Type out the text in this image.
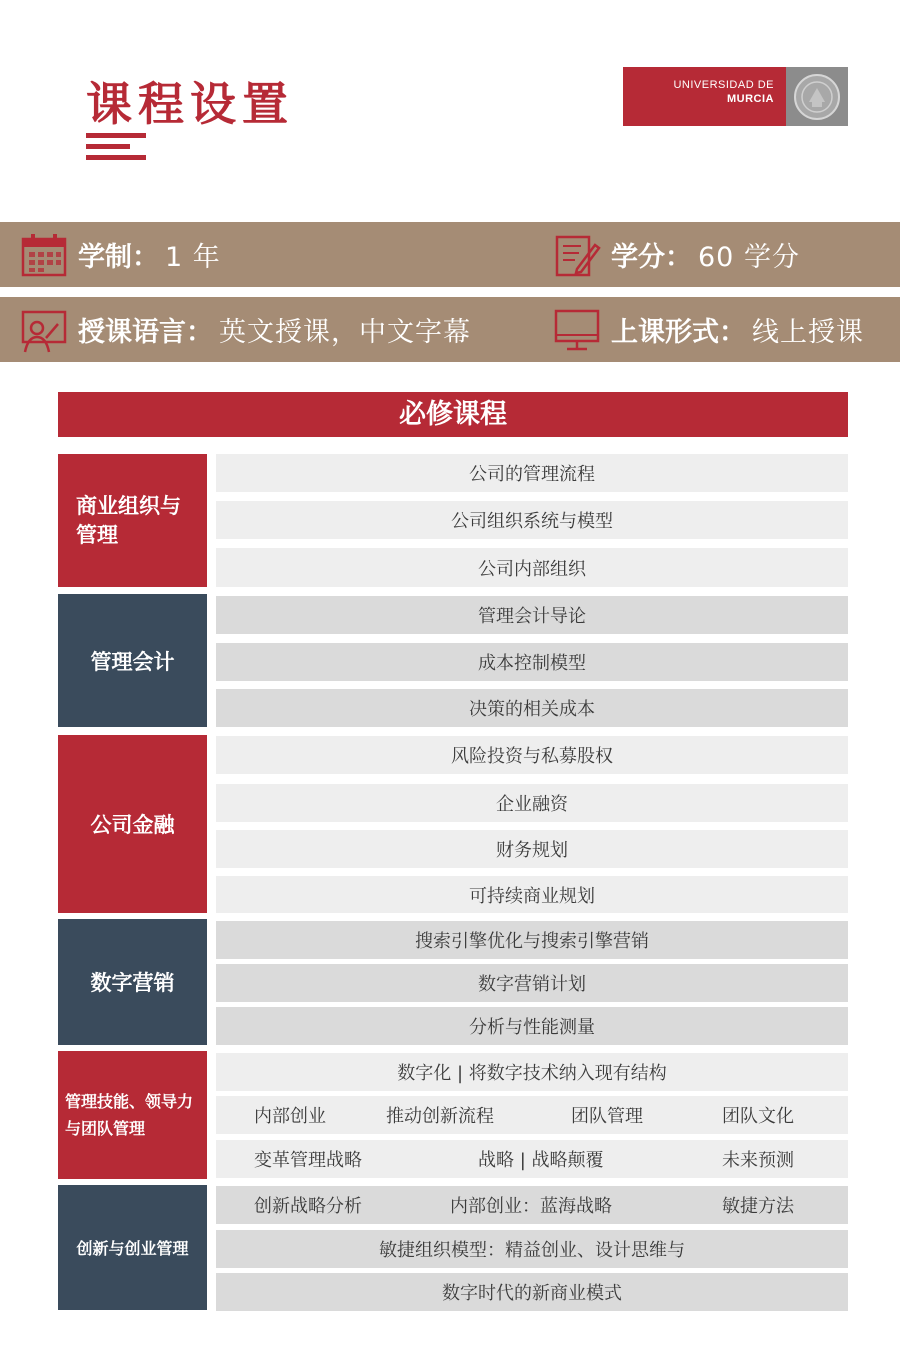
课程设置	UNIVERSIDAD DE
MURCIA
学制： 1 年	学分： 60 学分
授课语言： 英文授课，中文字幕	上课形式： 线上授课
必修课程
商业组织与
管理
公司的管理流程
公司组织系统与模型
公司内部组织
管理会计
管理会计导论
成本控制模型
决策的相关成本
公司金融
风险投资与私募股权
企业融资
财务规划
可持续商业规划
数字营销
搜索引擎优化与搜索引擎营销
数字营销计划
分析与性能测量
管理技能、领导力
与团队管理
数字化 | 将数字技术纳入现有结构
内部创业	推动创新流程	团队管理	团队文化
变革管理战略	战略 | 战略颠覆	未来预测
创新与创业管理
创新战略分析	内部创业：蓝海战略	敏捷方法
敏捷组织模型：精益创业、设计思维与
数字时代的新商业模式
